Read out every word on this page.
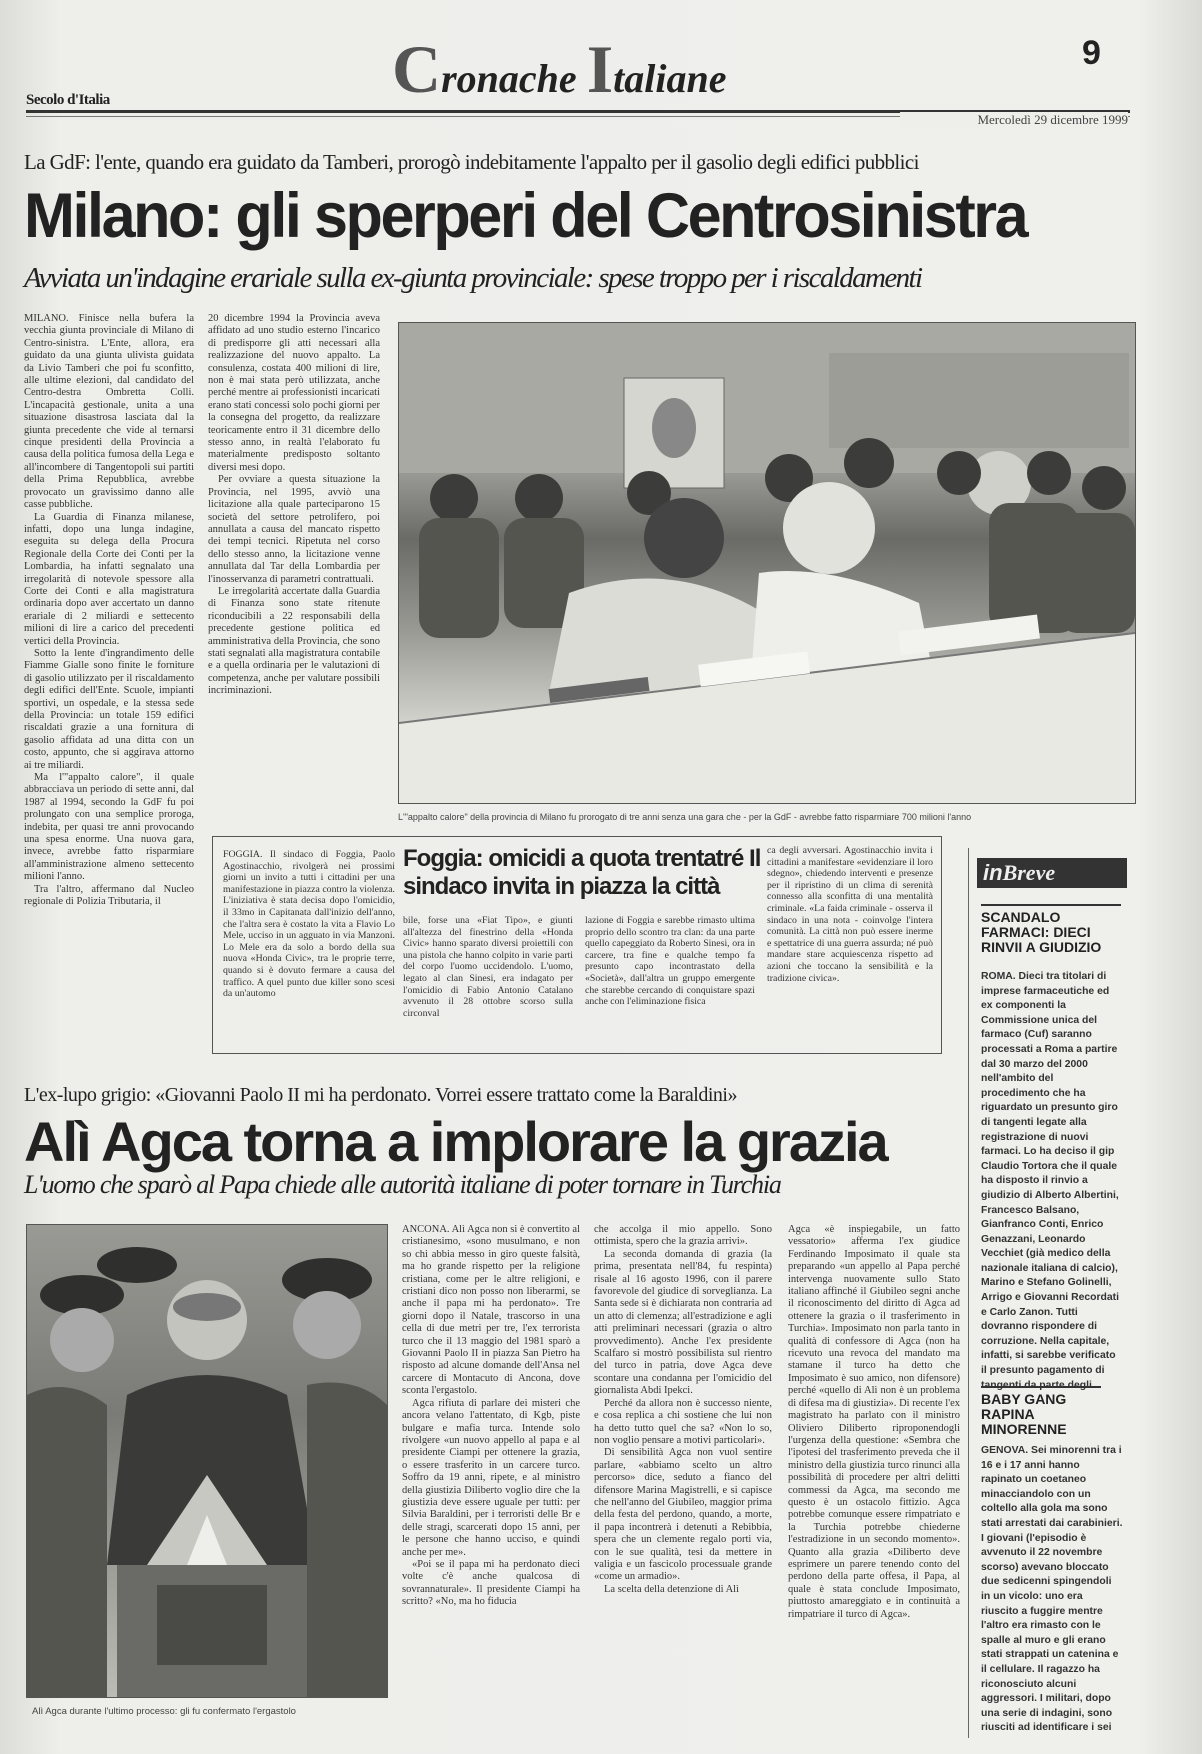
Cronache Italiane
9
Secolo d'Italia
Mercoledì 29 dicembre 1999
La GdF: l'ente, quando era guidato da Tamberi, prorogò indebitamente l'appalto per il gasolio degli edifici pubblici
Milano: gli sperperi del Centrosinistra
Avviata un'indagine erariale sulla ex-giunta provinciale: spese troppo per i riscaldamenti

MILANO. Finisce nella bufera la vecchia giunta provinciale di Milano di Centro-sinistra. L'Ente, allora, era guidato da una giunta ulivista guidata da Livio Tamberi che poi fu sconfitto, alle ultime elezioni, dal candidato del Centro-destra Ombretta Colli. L'incapacità gestionale, unita a una situazione disastrosa lasciata dal la giunta precedente che vide al ternarsi cinque presidenti della Provincia a causa della politica fumosa della Lega e all'incombere di Tangentopoli sui partiti della Prima Repubblica, avrebbe provocato un gravissimo danno alle casse pubbliche.

La Guardia di Finanza milanese, infatti, dopo una lunga indagine, eseguita su delega della Procura Regionale della Corte dei Conti per la Lombardia, ha infatti segnalato una irregolarità di notevole spessore alla Corte dei Conti e alla magistratura ordinaria dopo aver accertato un danno erariale di 2 miliardi e settecento milioni di lire a carico del precedenti vertici della Provincia.

Sotto la lente d'ingrandimento delle Fiamme Gialle sono finite le forniture di gasolio utilizzato per il riscaldamento degli edifici dell'Ente. Scuole, impianti sportivi, un ospedale, e la stessa sede della Provincia: un totale 159 edifici riscaldati grazie a una fornitura di gasolio affidata ad una ditta con un costo, appunto, che si aggirava attorno ai tre miliardi.

Ma l'"appalto calore", il quale abbracciava un periodo di sette anni, dal 1987 al 1994, secondo la GdF fu poi prolungato con una semplice proroga, indebita, per quasi tre anni provocando una spesa enorme. Una nuova gara, invece, avrebbe fatto risparmiare all'amministrazione almeno settecento milioni l'anno.

Tra l'altro, affermano dal Nucleo regionale di Polizia Tributaria, il

20 dicembre 1994 la Provincia aveva affidato ad uno studio esterno l'incarico di predisporre gli atti necessari alla realizzazione del nuovo appalto. La consulenza, costata 400 milioni di lire, non è mai stata però utilizzata, anche perché mentre ai professionisti incaricati erano stati concessi solo pochi giorni per la consegna del progetto, da realizzare teoricamente entro il 31 dicembre dello stesso anno, in realtà l'elaborato fu materialmente predisposto soltanto diversi mesi dopo.

Per ovviare a questa situazione la Provincia, nel 1995, avviò una licitazione alla quale parteciparono 15 società del settore petrolifero, poi annullata a causa del mancato rispetto dei tempi tecnici. Ripetuta nel corso dello stesso anno, la licitazione venne annullata dal Tar della Lombardia per l'inosservanza di parametri contrattuali.

Le irregolarità accertate dalla Guardia di Finanza sono state ritenute riconducibili a 22 responsabili della precedente gestione politica ed amministrativa della Provincia, che sono stati segnalati alla magistratura contabile e a quella ordinaria per le valutazioni di competenza, anche per valutare possibili incriminazioni.

L'"appalto calore" della provincia di Milano fu prorogato di tre anni senza una gara che - per la GdF - avrebbe fatto risparmiare 700 milioni l'anno
FOGGIA. Il sindaco di Foggia, Paolo Agostinacchio, rivolgerà nei prossimi giorni un invito a tutti i cittadini per una manifestazione in piazza contro la violenza. L'iniziativa è stata decisa dopo l'omicidio, il 33mo in Capitanata dall'inizio dell'anno, che l'altra sera è costato la vita a Flavio Lo Mele, ucciso in un agguato in via Manzoni. Lo Mele era da solo a bordo della sua nuova «Honda Civic», tra le proprie terre, quando si è dovuto fermare a causa del traffico. A quel punto due killer sono scesi da un'automo
Foggia: omicidi a quota trentatré Il sindaco invita in piazza la città
bile, forse una «Fiat Tipo», e giunti all'altezza del finestrino della «Honda Civic» hanno sparato diversi proiettili con una pistola che hanno colpito in varie parti del corpo l'uomo uccidendolo. L'uomo, legato al clan Sinesi, era indagato per l'omicidio di Fabio Antonio Catalano avvenuto il 28 ottobre scorso sulla circonval
lazione di Foggia e sarebbe rimasto ultima proprio dello scontro tra clan: da una parte quello capeggiato da Roberto Sinesi, ora in carcere, tra fine e qualche tempo fa presunto capo incontrastato della «Società», dall'altra un gruppo emergente che starebbe cercando di conquistare spazi anche con l'eliminazione fisica
ca degli avversari. Agostinacchio invita i cittadini a manifestare «evidenziare il loro sdegno», chiedendo interventi e presenze per il ripristino di un clima di serenità connesso alla sconfitta di una mentalità criminale. «La faida criminale - osserva il sindaco in una nota - coinvolge l'intera comunità. La città non può essere inerme e spettatrice di una guerra assurda; né può mandare stare acquiescenza rispetto ad azioni che toccano la sensibilità e la tradizione civica».
inBreve
SCANDALO FARMACI: DIECI RINVII A GIUDIZIO
ROMA. Dieci tra titolari di imprese farmaceutiche ed ex componenti la Commissione unica del farmaco (Cuf) saranno processati a Roma a partire dal 30 marzo del 2000 nell'ambito del procedimento che ha riguardato un presunto giro di tangenti legate alla registrazione di nuovi farmaci. Lo ha deciso il gip Claudio Tortora che il quale ha disposto il rinvio a giudizio di Alberto Albertini, Francesco Balsano, Gianfranco Conti, Enrico Genazzani, Leonardo Vecchiet (già medico della nazionale italiana di calcio), Marino e Stefano Golinelli, Arrigo e Giovanni Recordati e Carlo Zanon. Tutti dovranno rispondere di corruzione. Nella capitale, infatti, si sarebbe verificato il presunto pagamento di tangenti da parte degli
BABY GANG RAPINA MINORENNE
GENOVA. Sei minorenni tra i 16 e i 17 anni hanno rapinato un coetaneo minacciandolo con un coltello alla gola ma sono stati arrestati dai carabinieri. I giovani (l'episodio è avvenuto il 22 novembre scorso) avevano bloccato due sedicenni spingendoli in un vicolo: uno era riuscito a fuggire mentre l'altro era rimasto con le spalle al muro e gli erano stati strappati un catenina e il cellulare. Il ragazzo ha riconosciuto alcuni aggressori. I militari, dopo una serie di indagini, sono riusciti ad identificare i sei
L'ex-lupo grigio: «Giovanni Paolo II mi ha perdonato. Vorrei essere trattato come la Baraldini»
Alì Agca torna a implorare la grazia
L'uomo che sparò al Papa chiede alle autorità italiane di poter tornare in Turchia
Alì Agca durante l'ultimo processo: gli fu confermato l'ergastolo

ANCONA. Alì Agca non si è convertito al cristianesimo, «sono musulmano, e non so chi abbia messo in giro queste falsità, ma ho grande rispetto per la religione cristiana, come per le altre religioni, e cristiani dico non posso non liberarmi, se anche il papa mi ha perdonato». Tre giorni dopo il Natale, trascorso in una cella di due metri per tre, l'ex terrorista turco che il 13 maggio del 1981 sparò a Giovanni Paolo II in piazza San Pietro ha risposto ad alcune domande dell'Ansa nel carcere di Montacuto di Ancona, dove sconta l'ergastolo.

Agca rifiuta di parlare dei misteri che ancora velano l'attentato, di Kgb, piste bulgare e mafia turca. Intende solo rivolgere «un nuovo appello al papa e al presidente Ciampi per ottenere la grazia, o essere trasferito in un carcere turco. Soffro da 19 anni, ripete, e al ministro della giustizia Diliberto voglio dire che la giustizia deve essere uguale per tutti: per Silvia Baraldini, per i terroristi delle Br e delle stragi, scarcerati dopo 15 anni, per le persone che hanno ucciso, e quindi anche per me».

«Poi se il papa mi ha perdonato dieci volte c'è anche qualcosa di sovrannaturale». Il presidente Ciampi ha scritto? «No, ma ho fiducia

che accolga il mio appello. Sono ottimista, spero che la grazia arrivi».

La seconda domanda di grazia (la prima, presentata nell'84, fu respinta) risale al 16 agosto 1996, con il parere favorevole del giudice di sorveglianza. La Santa sede si è dichiarata non contraria ad un atto di clemenza; all'estradizione e agli atti preliminari necessari (grazia o altro provvedimento). Anche l'ex presidente Scalfaro si mostrò possibilista sul rientro del turco in patria, dove Agca deve scontare una condanna per l'omicidio del giornalista Abdi Ipekci.

Perché da allora non è successo niente, e cosa replica a chi sostiene che lui non ha detto tutto quel che sa? «Non lo so, non voglio pensare a motivi particolari».

Di sensibilità Agca non vuol sentire parlare, «abbiamo scelto un altro percorso» dice, seduto a fianco del difensore Marina Magistrelli, e si capisce che nell'anno del Giubileo, maggior prima della festa del perdono, quando, a morte, il papa incontrerà i detenuti a Rebibbia, spera che un clemente regalo porti via, con le sue qualità, tesi da mettere in valigia e un fascicolo processuale grande «come un armadio».

La scelta della detenzione di Alì

Agca «è inspiegabile, un fatto vessatorio» afferma l'ex giudice Ferdinando Imposimato il quale sta preparando «un appello al Papa perché intervenga nuovamente sullo Stato italiano affinché il Giubileo segni anche il riconoscimento del diritto di Agca ad ottenere la grazia o il trasferimento in Turchia». Imposimato non parla tanto in qualità di confessore di Agca (non ha ricevuto una revoca del mandato ma stamane il turco ha detto che Imposimato è suo amico, non difensore) perché «quello di Alì non è un problema di difesa ma di giustizia». Di recente l'ex magistrato ha parlato con il ministro Oliviero Diliberto riproponendogli l'urgenza della questione: «Sembra che l'ipotesi del trasferimento preveda che il ministro della giustizia turco rinunci alla possibilità di procedere per altri delitti commessi da Agca, ma secondo me questo è un ostacolo fittizio. Agca potrebbe comunque essere rimpatriato e la Turchia potrebbe chiederne l'estradizione in un secondo momento». Quanto alla grazia «Diliberto deve esprimere un parere tenendo conto del perdono della parte offesa, il Papa, al quale è stata conclude Imposimato, piuttosto amareggiato e in continuità a rimpatriare il turco di Agca».
